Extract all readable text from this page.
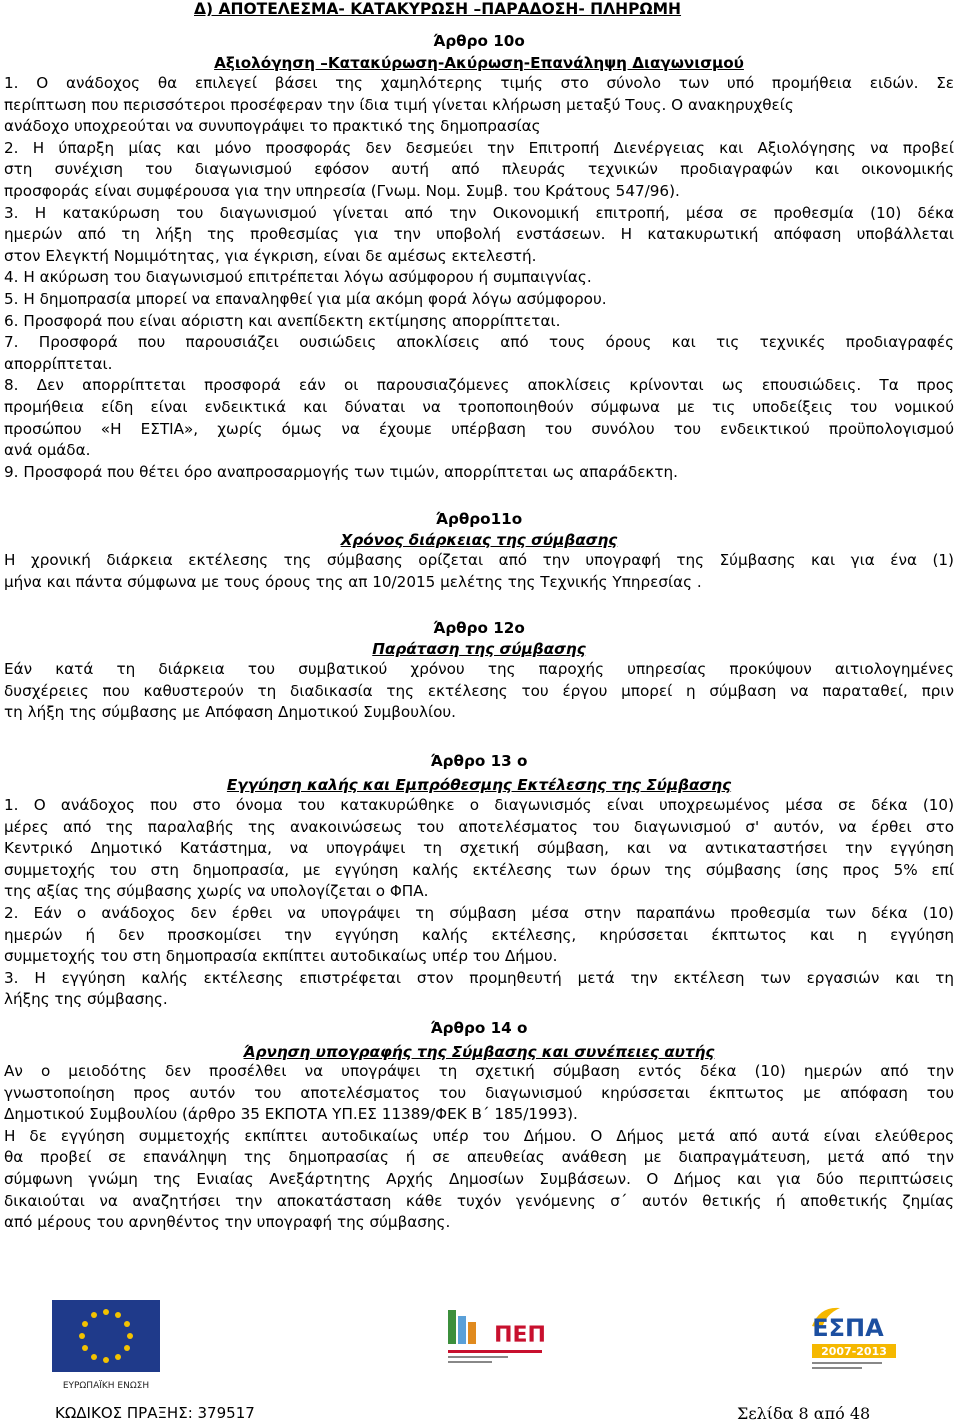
Δ) ΑΠΟΤΕΛΕΣΜΑ- ΚΑΤΑΚΥΡΩΣΗ –ΠΑΡΑΔΟΣΗ- ΠΛΗΡΩΜΗ
Άρθρο 10ο
Αξιολόγηση –Κατακύρωση-Ακύρωση-Επανάληψη Διαγωνισμού
1. Ο ανάδοχος θα επιλεγεί βάσει της χαμηλότερης τιμής στο σύνολο των υπό προμήθεια ειδών. Σε
περίπτωση που περισσότεροι προσέφεραν την ίδια τιμή γίνεται κλήρωση μεταξύ Τους. Ο ανακηρυχθείς
ανάδοχο υποχρεούται να συνυπογράψει το πρακτικό της δημοπρασίας
2. Η ύπαρξη μίας και μόνο προσφοράς δεν δεσμεύει την Επιτροπή Διενέργειας και Αξιολόγησης να προβεί
στη συνέχιση του διαγωνισμού εφόσον αυτή από πλευράς τεχνικών προδιαγραφών και οικονομικής
προσφοράς είναι συμφέρουσα για την υπηρεσία (Γνωμ. Νομ. Συμβ. του Κράτους 547/96).
3. Η κατακύρωση του διαγωνισμού γίνεται από την Οικονομική επιτροπή, μέσα σε προθεσμία (10) δέκα
ημερών από τη λήξη της προθεσμίας για την υποβολή ενστάσεων. Η κατακυρωτική απόφαση υποβάλλεται
στον Ελεγκτή Νομιμότητας, για έγκριση, είναι δε αμέσως εκτελεστή.
4. Η ακύρωση του διαγωνισμού επιτρέπεται λόγω ασύμφορου ή συμπαιγνίας.
5. Η δημοπρασία μπορεί να επαναληφθεί για μία ακόμη φορά λόγω ασύμφορου.
6. Προσφορά που είναι αόριστη και ανεπίδεκτη εκτίμησης απορρίπτεται.
7. Προσφορά που παρουσιάζει ουσιώδεις αποκλίσεις από τους όρους και τις τεχνικές προδιαγραφές
απορρίπτεται.
8. Δεν απορρίπτεται προσφορά εάν οι παρουσιαζόμενες αποκλίσεις κρίνονται ως επουσιώδεις. Τα προς
προμήθεια είδη είναι ενδεικτικά και δύναται να τροποποιηθούν σύμφωνα με τις υποδείξεις του νομικού
προσώπου «Η ΕΣΤΙΑ», χωρίς όμως να έχουμε υπέρβαση του συνόλου του ενδεικτικού προϋπολογισμού
ανά ομάδα.
9. Προσφορά που θέτει όρο αναπροσαρμογής των τιμών, απορρίπτεται ως απαράδεκτη.
Άρθρο11ο
Χρόνος διάρκειας της σύμβασης
Η χρονική διάρκεια εκτέλεσης της σύμβασης ορίζεται από την υπογραφή της Σύμβασης και για ένα (1)
μήνα και πάντα σύμφωνα με τους όρους της απ 10/2015 μελέτης της Τεχνικής Υπηρεσίας .
Άρθρο 12ο
Παράταση της σύμβασης
Εάν κατά τη διάρκεια του συμβατικού χρόνου της παροχής υπηρεσίας προκύψουν αιτιολογημένες
δυσχέρειες που καθυστερούν τη διαδικασία της εκτέλεσης του έργου μπορεί η σύμβαση να παραταθεί, πριν
τη λήξη της σύμβασης με Απόφαση Δημοτικού Συμβουλίου.
Άρθρο 13 ο
Εγγύηση καλής και Εμπρόθεσμης Εκτέλεσης της Σύμβασης
1. Ο ανάδοχος που στο όνομα του κατακυρώθηκε ο διαγωνισμός είναι υποχρεωμένος μέσα σε δέκα (10)
μέρες από της παραλαβής της ανακοινώσεως του αποτελέσματος του διαγωνισμού σ' αυτόν, να έρθει στο
Κεντρικό Δημοτικό Κατάστημα, να υπογράψει τη σχετική σύμβαση, και να αντικαταστήσει την εγγύηση
συμμετοχής του στη δημοπρασία, με εγγύηση καλής εκτέλεσης των όρων της σύμβασης ίσης προς 5% επί
της αξίας της σύμβασης χωρίς να υπολογίζεται ο ΦΠΑ.
2. Εάν ο ανάδοχος δεν έρθει να υπογράψει τη σύμβαση μέσα στην παραπάνω προθεσμία των δέκα (10)
ημερών ή δεν προσκομίσει την εγγύηση καλής εκτέλεσης, κηρύσσεται έκπτωτος και η εγγύηση
συμμετοχής του στη δημοπρασία εκπίπτει αυτοδικαίως υπέρ του Δήμου.
3. Η εγγύηση καλής εκτέλεσης επιστρέφεται στον προμηθευτή μετά την εκτέλεση των εργασιών και τη
λήξης της σύμβασης.
Άρθρο 14 ο
Άρνηση υπογραφής της Σύμβασης και συνέπειες αυτής
Αν ο μειοδότης δεν προσέλθει να υπογράψει τη σχετική σύμβαση εντός δέκα (10) ημερών από την
γνωστοποίηση προς αυτόν του αποτελέσματος του διαγωνισμού κηρύσσεται έκπτωτος με απόφαση του
Δημοτικού Συμβουλίου (άρθρο 35 ΕΚΠΟΤΑ ΥΠ.ΕΣ 11389/ΦΕΚ Β΄ 185/1993).
Η δε εγγύηση συμμετοχής εκπίπτει αυτοδικαίως υπέρ του Δήμου. Ο Δήμος μετά από αυτά είναι ελεύθερος
θα προβεί σε επανάληψη της δημοπρασίας ή σε απευθείας ανάθεση με διαπραγμάτευση, μετά από την
σύμφωνη γνώμη της Ενιαίας Ανεξάρτητης Αρχής Δημοσίων Συμβάσεων. Ο Δήμος και για δύο περιπτώσεις
δικαιούται να αναζητήσει την αποκατάσταση κάθε τυχόν γενόμενης σ΄ αυτόν θετικής ή αποθετικής ζημίας
από μέρους του αρνηθέντος την υπογραφή της σύμβασης.
ΕΥΡΩΠΑΪΚΗ ΕΝΩΣΗ
ΠΕΠ	ΕΣΠΑ
2007-2013
ΚΩΔΙΚΟΣ ΠΡΑΞΗΣ: 379517	Σελίδα 8 από 48
